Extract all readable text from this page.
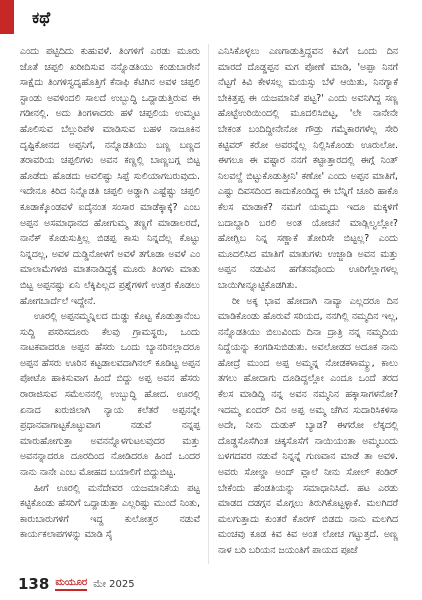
ಕಥೆ

ಎಂದು ಪಟ್ಟಿದಿದು ಕುಹುವಳೆ. ತಿಂಗಳಿಗೆ ಎರಡು ಮೂರು ಜೊತೆ ಚಪ್ಪಲಿ ಖರೀದಿಸುವ ನನ್ನೊಡತಿಯು ಕಂಡುಬಾರೇನೆ ಸಾಕ್ಷೆದು ತಿಂಗಳಿಸ್ವದೃಹೊತ್ತಿಗೆ ಕೆನಾಫಿ ಕೆಟಿಗಿನ ಅವಳ ಚಪ್ಪಲಿ ಸ್ಟಾಂಡು ಅವಳಿಂದಲಿ ಸಾಲದೆ ಉಬ್ಬುದ್ಧಿ ಒದ್ದಾಡುತ್ತಿರುವ ಈ ಗಡೀನಲ್ಲಿ. ಅದು ತಿಂಗಳಾದರು ಹಳೆ ಚಪ್ಪಲಿಯ ಉಮ್ಮಟ ಹೊಲಿಸುವ ಬೆಲ್ಲುರಿಪೆಳಿ ಮಾಡಿಸುವ ಬಹಳ ನಾಜೂಕಿನ ದೃಷ್ಟಿಕೋನದ ಅಪ್ಪನಿಗೆ, ನನ್ನೊಡತಿಯು ಬಣ್ಣ ಬಣ್ಣದ ತರಾವರಿಯ ಚಪ್ಪಲಿಗಳು ಅವನ ಕಣ್ಣಲ್ಲಿ ಬಾಣ್ಣಬಗ್ಗ ಬಿಟ್ಟ ಹೊಡೆದು ಹೊಡದು ಅವಲಿಷ್ಟು ಸಿಪ್ಪೆ ಸುಲಿಯಾಗಬರುವುದು. ಇದೇನೂ ಕಿರಿದ ನಿನ್ನೊಡತಿ ಚಪ್ಪಲಿ ಅಡ್ಡಾಗಿ ಎಷ್ಟೆಷ್ಟು ಚಪ್ಪಲಿ ಕೂಡಾಕ್ಕೊಂಡವಳೆ ಐದೈನಂತ ಸಂಸಾರ ಮಾಡೆಕ್ಕಾಕ್ಕೆ? ಎಂಬ ಅಪ್ಪನ ಅಸಮಾಧಾನದ ಹೋಗುಮ್ಮ ತಣ್ಣಗೆ ಮಾಡಾಲರದೆ, ನಾನೆಕ್ ಕೊಡುಸುತ್ತಿಲ್ಲ ಬಿಡಪ್ಪ ಕಾಸು ನಿನ್ನದೆಲ್ಲ ಕೊಟ್ಟು ನಿನ್ನದಲ್ಲ, ಅವಳ ದುಡ್ಡಿನೋಳಗೆ ಅವಳೆ ತಗೊಡಾ ಅವಳೆ ಎಂ ಮಾಲಾಮೆಗಳಜಿ ಮಾತನಾಡಿದ್ಧಕ್ಕೆ ಮೂರು ತಿಂಗಳು ಮಾತು ಬಿಟ್ಟ ಅಪ್ಪನಷ್ಟು ಏನಿ ಲೆಕ್ಕಿಪಿಲ್ಲದ ಪ್ರಶ್ನೆಗಳಿಗೆ ಉತ್ತರ ಕೊಡಲು ಹೋಗಬಾರ್ದೆಲೆ ಇದ್ದೇನೆ.

ಊರಲ್ಲಿ ಅಪ್ಪನಮ್ಮನ್ನಿಲದ ದುಡ್ಡು ಕೊಟ್ಟ ಕೊಡುತ್ತಾನೆಂಬ ಸುದ್ದಿ ಪಸರಿಸದೂರು ಕೆಲವು ಗ್ರಾಮಸ್ಥರು, ಒಂದು ನಾಟಕವಾದರೂ ಅಪ್ಪನ ಹೆಸರು ಒಂದು ಬ್ಯಾನರಿನಲ್ಲಾದರೂ ಅಪ್ಪನ ಹೆಸರು ಊರಿನ ಕಟ್ಟಡಾಲವದಾಗಿನಲ್ ಕೂಡಿಟ್ಟ ಅಪ್ಪನ ಪೋಟೊ ಹಾಕಿಸುವಾಗ ಹಿಂದೆ ಬಿದ್ದು ಅಪ್ಪ ಅವನ ಹೆಸರು ರಾರಾಜಿಸುವ ಸಮೆಲನನಲ್ಲಿ ಉಬ್ಬುದ್ಧಿ ಹೋದ. ಊರಲ್ಲಿ ಏನಾದ ಖರುಜಿಲಾಗಿ ನ್ಯಾಯ ಕಲೆತರೆ ಅಪ್ಪನನ್ನೇ ಪ್ರಧಾನವಾಗಾಟ್ಟಕೊಟ್ಟುವಾಗ ನಡುವೆ ನನ್ನಪ್ಪ ಮಾರುಹೋಗುತ್ತಾ ಅವನನ್ನೊಳಗುಟಲವುದರ ಮತ್ತು ಅವನನ್ನಾದರೂ ದೂರದಿಂದ ನೋಡಿದರೂ ಹಿಂದೆ ಒಂದರ ನಾನು ನಾನೇ ಎಂಬ ಮೋಹದ ಬಯಾಲಿಗೆ ಬಿದ್ದುಬಿಟ್ಟ.

ಹೀಗೆ ಊರಲ್ಲಿ ಮನೆದೇವರ ಯಜಮಾನಿಕೆಯ ಪಟ್ಟ ಕಟ್ಟಿಕೊಂಡು ಹೆಸರಿಗೆ ಒದ್ದಾಡುತ್ತಾ ಎಲ್ಲರಿಷ್ಟು ಮುಂದೆ ನಿಂತು, ಕಾರುಬಾರುಗಳಿಗೆ ಇದ್ದ ಕುಲೋತ್ತರ ನಡುವೆ ಕಾರ್ಯಕಲಾಪಗಳನ್ನು ಮಾಡಿ ಸೈ

ಎನಿಸಿಕೊಳ್ಳಲು ಎಣಗಾಡುತ್ತಿದ್ದವನ ಕಿವಿಗೆ ಒಂದು ದಿನ ಮಾರದೆ ದೊಡ್ಡಪ್ಪನ ಮಗ ಪೋಣೆ ಮಾಡಿ, 'ಅಪ್ಪಾ ನಿನಗೆ ನೆಟ್ಟಗೆ ಕಿವಿ ಕೇಳಸಲ್ಲ ಮಯಸ್ಸು ಬೆಳೆ ಆಯಿತು, ನಿನಗ್ಯಾಕೆ ಬೇಕಿತ್ತಪ್ಪ ಈ ಯಜಮಾನಿಕೆ ಪಟ್ಟ?' ಎಂದು ಅವನಿಗಿದ್ದ ಸಣ್ಣ ಹೊಟ್ಟೆಉರಿಯಿಂದಲ್ಲಿ ಮೂದಲಿಸಿಬಿಟ್ಟ, 'ಲೇ ನಾನೇನೇ ಬೇಕಂತ ಬಂದಿದ್ದೀನೇನೋ ಗೌಡ್ರು ಗಮ್ಮೆಕಾರಗಳೆಲ್ಲ ಸೇರಿ ಕಟ್ಟಿವರ್ ಕರೋ ಅವರನ್ನೆಲ್ಲ ನಿಲ್ಲಿಸಿಕೊಂಡು ಊರುಲೋ. ಈಗಲೂ ಈ ವಷ್ಟಾರ ನನಗೆ ಕಟ್ಟಾತ್ತಾರದಲ್ಲಿ ಈಗ್ಗೆ ನಿಂತ್ ನಿಲವಲ್ದೆ ಬಿಟ್ಟುಕೊಡುತ್ತೀನಿ' ಕಣೋ' ಎಂದು ಅಪ್ಪನ ಮಾತಿಗೆ, ಎಷ್ಟು ದಿವಸದಿಂದ ಕಾದುಕೊಂಡಿದ್ದ ಈ ಬೆನ್ನಿಗೆ ಚೂರಿ ಹಾಕೊ ಕೆಲಸ ಮಾಡಾಕೆ? ನಮಗೆ ಯಮ್ಮದು ಇದೂ ಮಕ್ಕಳಿಗೆ ಬದಾಬ್ದಾರಿ ಬರಲಿ ಅಂತ ಯೋಚನೆ ಮಾಡ್ಲಿಲ್ವಲ್ಲೋ? ಹೋಗ್ಲಿಬ ನಿನ್ನ ಸಣ್ಣಾಕೆ ತೋರಿಸೇ ಬಿಟ್ಟಲ್ಲ? ಎಂದು ಮೂದಲಿಸಿದ ಮಾತಿಗೆ ಮಾತುಗಳು ಉಜ್ಜಾಡಿ ಅವನ ಮತ್ತು ಅಪ್ಪನ ನಡುವಿನ ಹಗೆತನವೊಂದು ಊರಿಗೆಲ್ಲಾಗಳಲ್ಲ ಬಾಯಿಗೀನ್ನೂಟ್ಟಿಕೊಡಗಿತು.

ರೀ ಅಕ್ಕ ಭಾವ ಹೋದಾಗಿ ನಾವ್ಯಾ ಎಲ್ಲದರೂ ದಿನ ಮಾಡಿಕೊಂಡು ಹೊರುವೆ ಸರಿಯದ, ನನಗಿಲ್ಲಿ ನಮ್ಮದಿನ ಇಲ್ಲ, ನನ್ನೊಡತಿಯು ಬಿಲುವಿಂದು ದಿನಾ ದ್ರಾತ್ರಿ ನನ್ನ ನಮ್ಮದಿಯ ನಿದ್ದೆಯನ್ನು ಕಂಗಡಿಸುಬಿಡುತು. ಅವಲೋಡದ ಅದೂಕ ನಾನು ಹೋದ್ರೆ ಮುಂದ ಅಪ್ಪ ಅಮ್ಮನ್ನ ನೋಡಕಳಾಮ್ಮ್ರು, ಕಾಲು ತಗಲು ಹೋದಾಗು ದೂಡಿದ್ದಲ್ಲೋ ಎಂದೂ ಒಂದೆ ತರದ ಕೆಲಸ ಮಾಡಿದ್ದಿ ನನ್ನ ಅವನ ನಮ್ಮನಿನ ಹಕ್ಕಾಸಾಗಳನೋ? ಇದಮ್ಮ ಏಂದರ್ ದಿನ ಅಪ್ಪ ಅಮ್ಮ ಚೆಗಿನ ಸುದಾರಿಸಿಕಳಿಸಾ ಅದೇ, ನೀನು ದುಡುಕ್ ಬ್ಯಾಡ? ಈಗರೋ ಲೆಕ್ಕದಲ್ಲಿ ದೊಡ್ಡಸೊಸೆಗಿಂತ ಚಿಕ್ಕಸೊಸೆಗೆ ನಾಯಿಯಂತಾ ಅಮ್ಮಬಂದು ಬಳಗದವರ ನಡುವೆ ನಿನ್ನನ್ನೆ ಗುಣವಾನ ಮಾಡೆ ತಾ ಅವಳಿ. ಅವರು ಸೋಲ್ಡಾ ಅಂದ್ ವ್ಲಾಲೆ ನೀನು ಸೋಲ್ ಕಂಡಿರ್ ಬೇಕೆಂದು ಹೆಂಡತಿಯನ್ನು ಸಮಾಧಾನಿಸಿದೆ. ಹಟ ಎರಡು ಮಾಡದ ದಡಗ್ಗನ ಮೊಗ್ಗಲು ತಿರುಗಿಕೊಟ್ಟಳ್ಳಾಕೆ. ಮಲಗಿದರೆ ಮಲಗುತ್ತಾದು ಕುಂತರೆ ಕೊರಗ್ ಬಿಡದು ನಾನು ಮಲಗಿದ ಮಂಚವು ಕೂಡ ಕಿವ ಕಿವ ಅಂತ ಲೋಚ ಗಟ್ಟುತ್ತದೆ. ಅಣ್ಣ ನಾಳ ಬರಿ ಬರಿಯನ ಜಯಂತಿಗೆ ಪಾಯದ ಪೂಜೆ

138 ಮಯೂರ ಮೇ 2025
